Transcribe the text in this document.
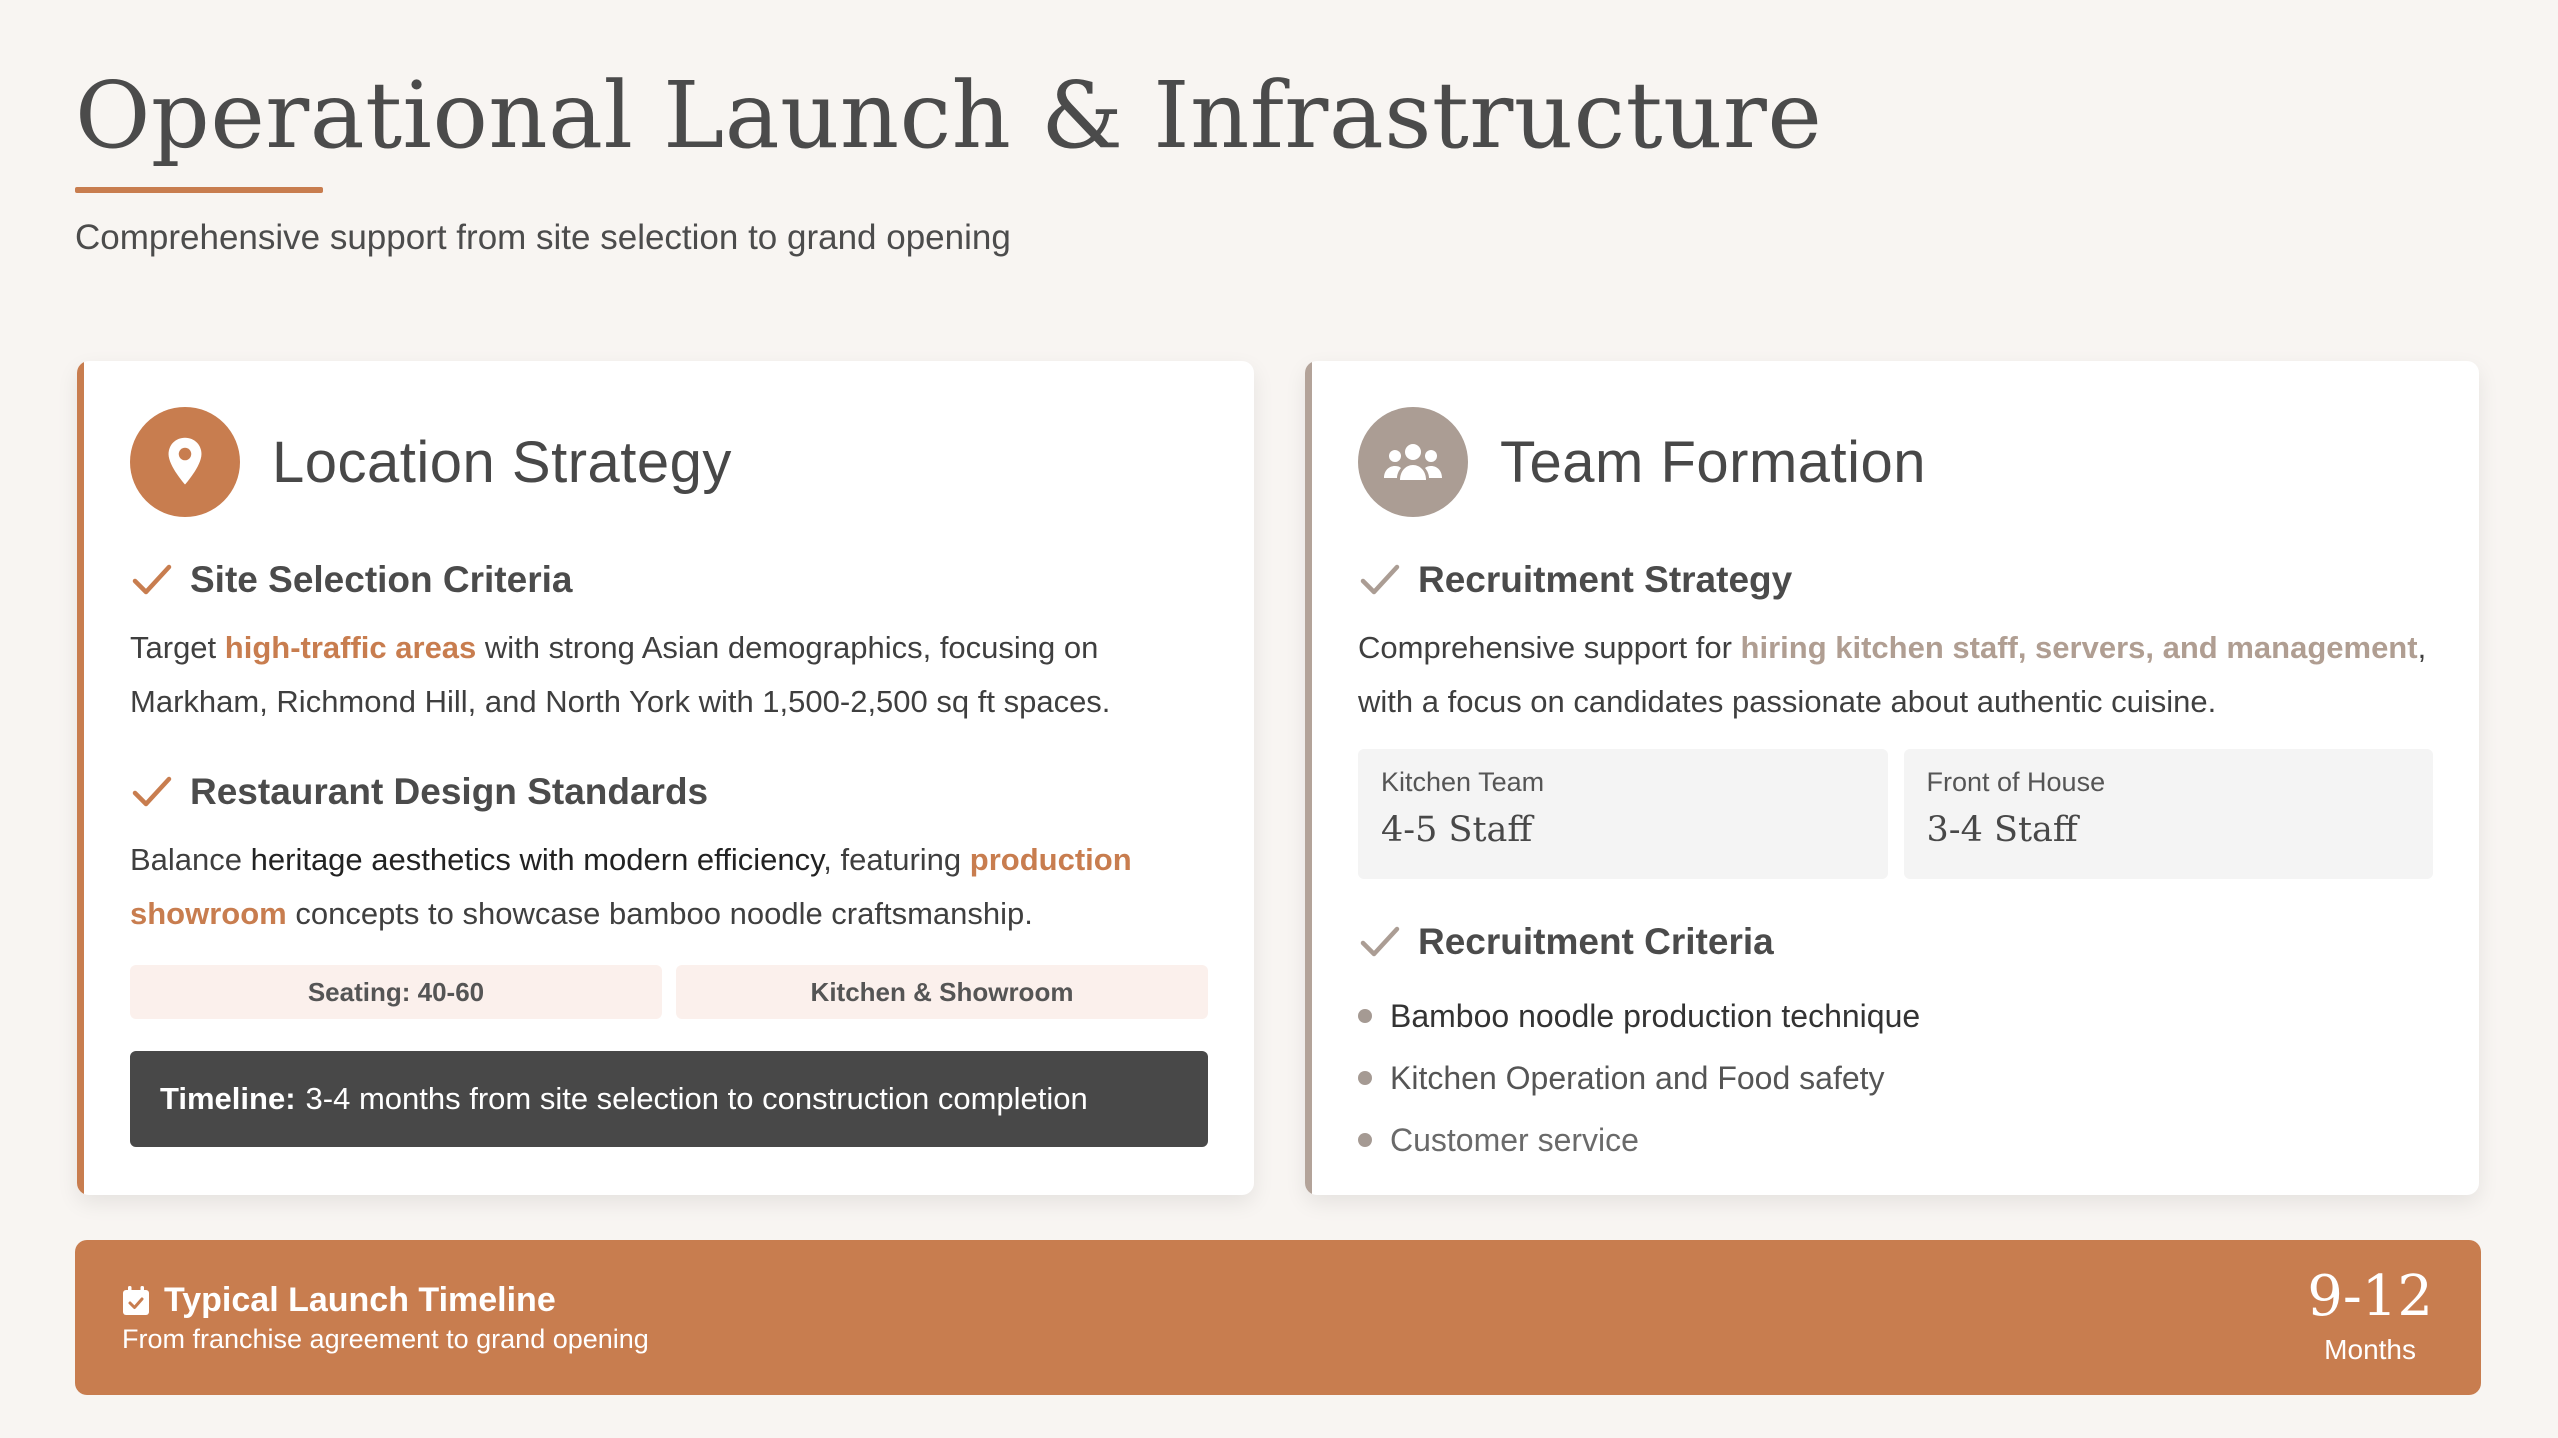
Operational Launch & Infrastructure

Comprehensive support from site selection to grand opening

Location Strategy
Site Selection Criteria

Target high-traffic areas with strong Asian demographics, focusing on Markham, Richmond Hill, and North York with 1,500-2,500 sq ft spaces.

Restaurant Design Standards

Balance heritage aesthetics with modern efficiency, featuring production showroom concepts to showcase bamboo noodle craftsmanship.

Seating: 40-60	Kitchen & Showroom
Timeline: 3-4 months from site selection to construction completion
Team Formation
Recruitment Strategy

Comprehensive support for hiring kitchen staff, servers, and management, with a focus on candidates passionate about authentic cuisine.

Kitchen Team
4-5 Staff
Front of House
3-4 Staff
Recruitment Criteria
Bamboo noodle production technique
Kitchen Operation and Food safety
Customer service
Typical Launch Timeline
From franchise agreement to grand opening
9-12
Months
